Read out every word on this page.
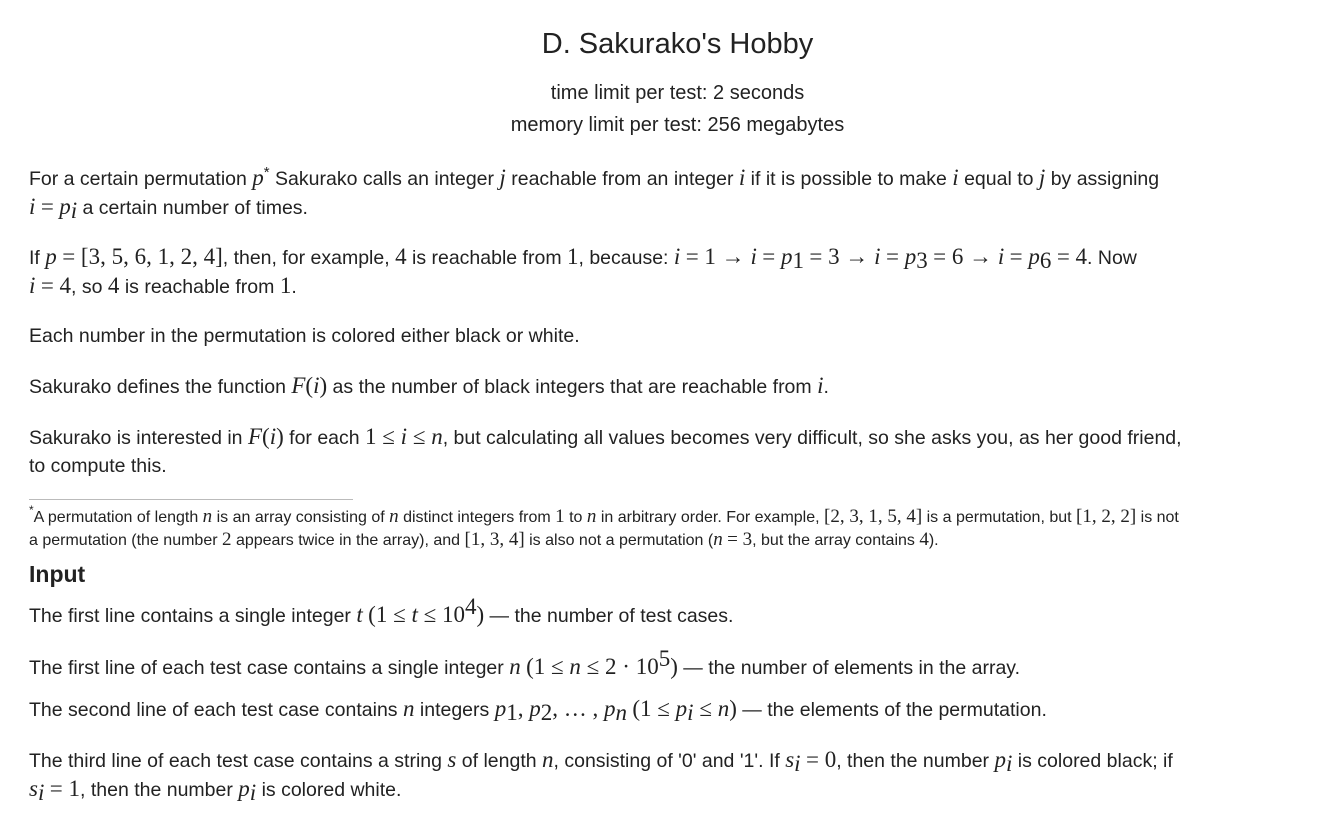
D. Sakurako's Hobby
time limit per test: 2 seconds
memory limit per test: 256 megabytes
For a certain permutation p* Sakurako calls an integer j reachable from an integer i if it is possible to make i equal to j by assigning
$i = p_i$ a certain number of times.
If p = [3, 5, 6, 1, 2, 4], then, for example, 4 is reachable from 1, because: $i = 1 \to i = p_1 = 3 \to i = p_3 = 6 \to i = p_6 = 4$. Now
i = 4, so 4 is reachable from 1.
Each number in the permutation is colored either black or white.
Sakurako defines the function F(i) as the number of black integers that are reachable from i.
Sakurako is interested in F(i) for each 1 ≤ i ≤ n, but calculating all values becomes very difficult, so she asks you, as her good friend,
to compute this.
*A permutation of length n is an array consisting of n distinct integers from 1 to n in arbitrary order. For example, [2, 3, 1, 5, 4] is a permutation, but [1, 2, 2] is not
a permutation (the number 2 appears twice in the array), and [1, 3, 4] is also not a permutation (n = 3, but the array contains 4).
Input
The first line contains a single integer t $(1 \le t \le 10^4)$ — the number of test cases.
The first line of each test case contains a single integer n $(1 \le n \le 2 \cdot 10^5)$ — the number of elements in the array.
The second line of each test case contains n integers $p_1$, $p_2$, … , $p_n$ $(1 \le p_i \le n)$ — the elements of the permutation.
The third line of each test case contains a string s of length n, consisting of '0' and '1'. If $s_i = 0$, then the number $p_i$ is colored black; if
$s_i = 1$, then the number $p_i$ is colored white.
